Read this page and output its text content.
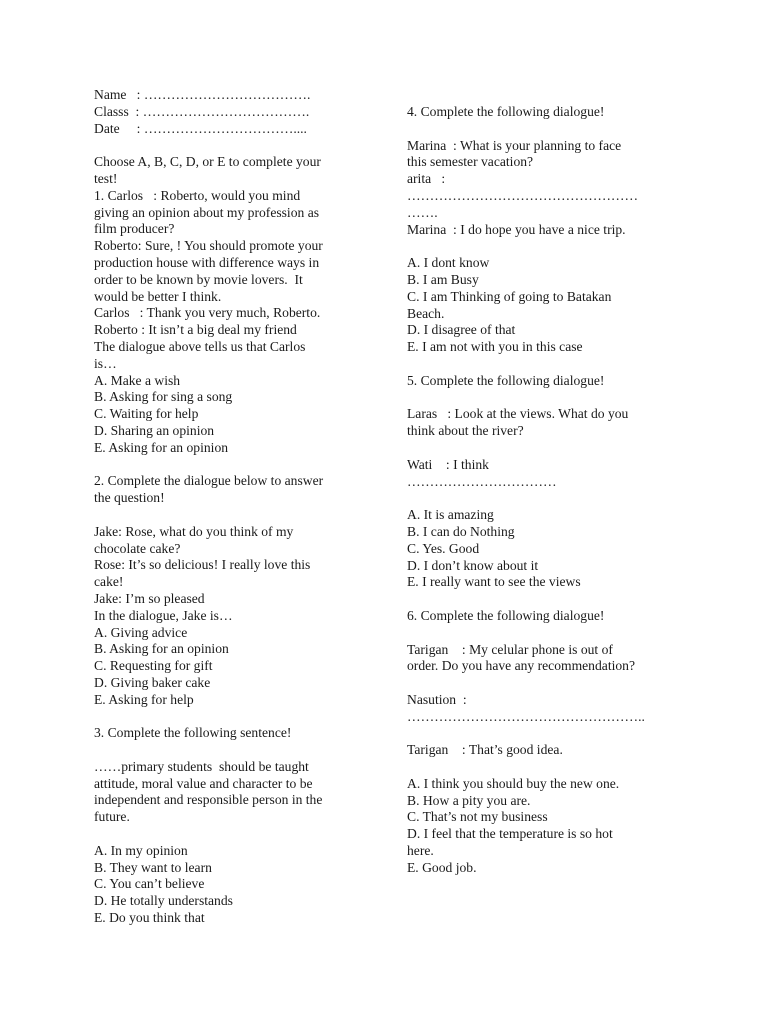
Name   : ……………………………….
Classs  : ……………………………….
Date     : ……………………………....
Choose A, B, C, D, or E to complete your
test!
1. Carlos   : Roberto, would you mind
giving an opinion about my profession as
film producer?
Roberto: Sure, ! You should promote your
production house with difference ways in
order to be known by movie lovers.  It
would be better I think.
Carlos   : Thank you very much, Roberto.
Roberto : It isn’t a big deal my friend
The dialogue above tells us that Carlos
is…
A. Make a wish
B. Asking for sing a song
C. Waiting for help
D. Sharing an opinion
E. Asking for an opinion
2. Complete the dialogue below to answer
the question!
Jake: Rose, what do you think of my
chocolate cake?
Rose: It’s so delicious! I really love this
cake!
Jake: I’m so pleased
In the dialogue, Jake is…
A. Giving advice
B. Asking for an opinion
C. Requesting for gift
D. Giving baker cake
E. Asking for help
3. Complete the following sentence!
……primary students  should be taught
attitude, moral value and character to be
independent and responsible person in the
future.
A. In my opinion
B. They want to learn
C. You can’t believe
D. He totally understands
E. Do you think that
4. Complete the following dialogue!
Marina  : What is your planning to face
this semester vacation?
arita   :
……………………………………………
…….
Marina  : I do hope you have a nice trip.
A. I dont know
B. I am Busy
C. I am Thinking of going to Batakan
Beach.
D. I disagree of that
E. I am not with you in this case
5. Complete the following dialogue!
Laras   : Look at the views. What do you
think about the river?
Wati    : I think
……………………………
A. It is amazing
B. I can do Nothing
C. Yes. Good
D. I don’t know about it
E. I really want to see the views
6. Complete the following dialogue!
Tarigan    : My celular phone is out of
order. Do you have any recommendation?
Nasution  :
……………………………………………..
Tarigan    : That’s good idea.
A. I think you should buy the new one.
B. How a pity you are.
C. That’s not my business
D. I feel that the temperature is so hot
here.
E. Good job.
